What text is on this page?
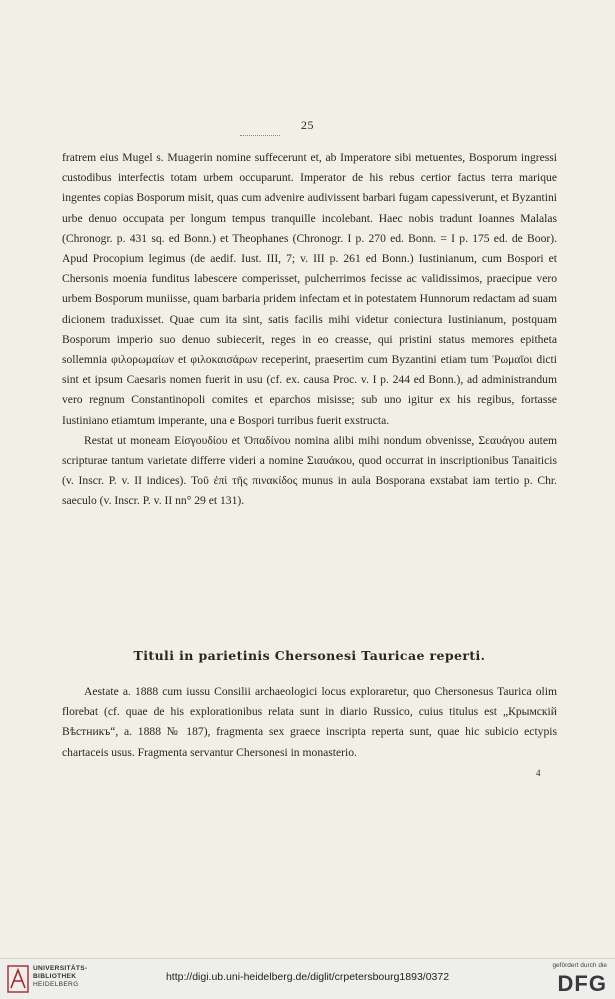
25

fratrem eius Mugel s. Muagerin nomine suffecerunt et, ab Imperatore sibi metuentes, Bosporum ingressi custodibus interfectis totam urbem occuparunt. Imperator de his rebus certior factus terra marique ingentes copias Bosporum misit, quas cum advenire audivissent barbari fugam capessiverunt, et Byzantini urbe denuo occupata per longum tempus tranquille incolebant. Haec nobis tradunt Ioannes Malalas (Chronogr. p. 431 sq. ed Bonn.) et Theophanes (Chronogr. I p. 270 ed. Bonn. = I p. 175 ed. de Boor). Apud Procopium legimus (de aedif. Iust. III, 7; v. III p. 261 ed Bonn.) Iustinianum, cum Bospori et Chersonis moenia funditus labescere comperisset, pulcherrimos fecisse ac validissimos, praecipue vero urbem Bosporum muniisse, quam barbaria pridem infectam et in potestatem Hunnorum redactam ad suam dicionem traduxisset. Quae cum ita sint, satis facilis mihi videtur coniectura Iustinianum, postquam Bosporum imperio suo denuo subiecerit, reges in eo creasse, qui pristini status memores epitheta sollemnia φιλορωμαίων et φιλοκαισάρων receperint, praesertim cum Byzantini etiam tum Ῥωμαῖοι dicti sint et ipsum Caesaris nomen fuerit in usu (cf. ex. causa Proc. v. I p. 244 ed Bonn.), ad administrandum vero regnum Constantinopoli comites et eparchos misisse; sub uno igitur ex his regibus, fortasse Iustiniano etiamtum imperante, una e Bospori turribus fuerit exstructa.

Restat ut moneam Εἰσγουδίου et Ὀπαδίνου nomina alibi mihi nondum obvenisse, Σεαυάγου autem scripturae tantum varietate differre videri a nomine Σιαυάκου, quod occurrat in inscriptionibus Tanaiticis (v. Inscr. P. v. II indices). Τοῦ ἐπὶ τῆς πινακίδος munus in aula Bosporana exstabat iam tertio p. Chr. saeculo (v. Inscr. P. v. II nn° 29 et 131).

Tituli in parietinis Chersonesi Tauricae reperti.

Aestate a. 1888 cum iussu Consilii archaeologici locus exploraretur, quo Chersonesus Taurica olim florebat (cf. quae de his explorationibus relata sunt in diario Russico, cuius titulus est „Крымскій Вѣстникъ“, a. 1888 № 187), fragmenta sex graece inscripta reperta sunt, quae hic subicio ectypis chartaceis usus. Fragmenta servantur Chersonesi in monasterio.

4
UNIVERSITÄTS-
BIBLIOTHEK
HEIDELBERG
http://digi.ub.uni-heidelberg.de/diglit/crpetersbourg1893/0372
gefördert durch die
DFG
